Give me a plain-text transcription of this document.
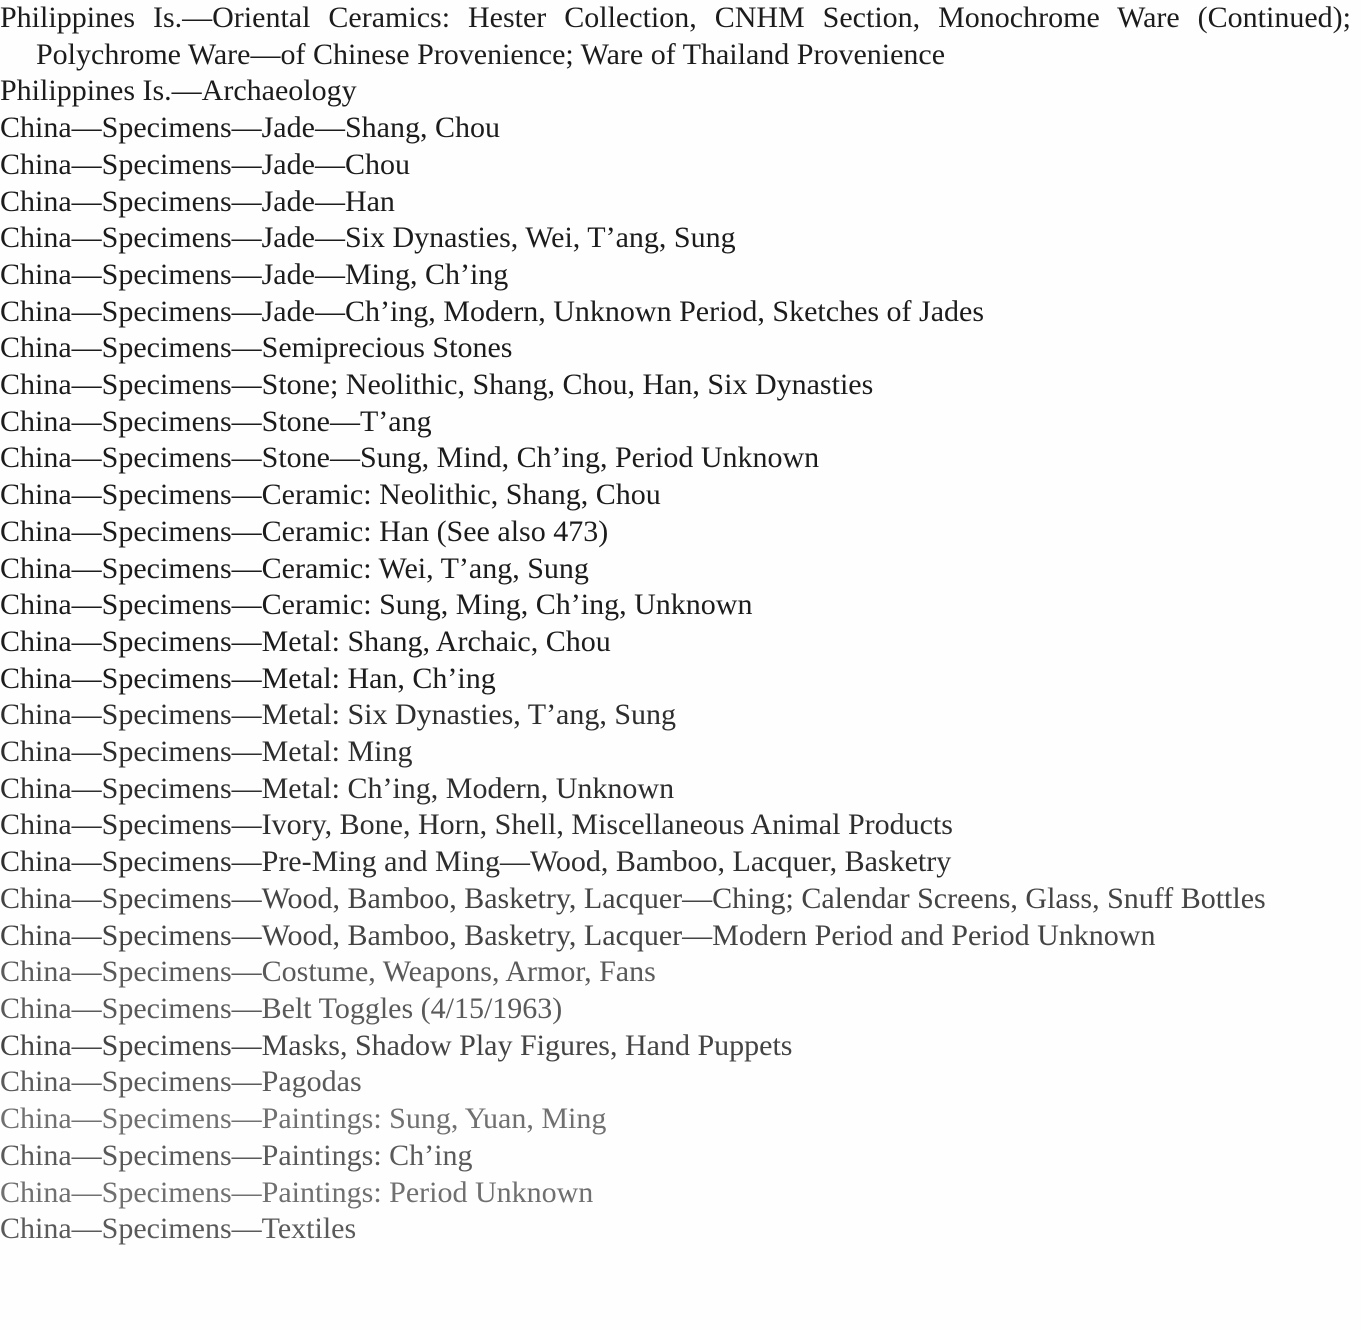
Philippines Is.—Oriental Ceramics: Hester Collection, CNHM Section, Monochrome Ware (Continued); Polychrome Ware—of Chinese Provenience; Ware of Thailand Provenience
Philippines Is.—Archaeology
China—Specimens—Jade—Shang, Chou
China—Specimens—Jade—Chou
China—Specimens—Jade—Han
China—Specimens—Jade—Six Dynasties, Wei, T’ang, Sung
China—Specimens—Jade—Ming, Ch’ing
China—Specimens—Jade—Ch’ing, Modern, Unknown Period, Sketches of Jades
China—Specimens—Semiprecious Stones
China—Specimens—Stone; Neolithic, Shang, Chou, Han, Six Dynasties
China—Specimens—Stone—T’ang
China—Specimens—Stone—Sung, Mind, Ch’ing, Period Unknown
China—Specimens—Ceramic: Neolithic, Shang, Chou
China—Specimens—Ceramic: Han (See also 473)
China—Specimens—Ceramic: Wei, T’ang, Sung
China—Specimens—Ceramic: Sung, Ming, Ch’ing, Unknown
China—Specimens—Metal: Shang, Archaic, Chou
China—Specimens—Metal: Han, Ch’ing
China—Specimens—Metal: Six Dynasties, T’ang, Sung
China—Specimens—Metal: Ming
China—Specimens—Metal: Ch’ing, Modern, Unknown
China—Specimens—Ivory, Bone, Horn, Shell, Miscellaneous Animal Products
China—Specimens—Pre-Ming and Ming—Wood, Bamboo, Lacquer, Basketry
China—Specimens—Wood, Bamboo, Basketry, Lacquer—Ching; Calendar Screens, Glass, Snuff Bottles
China—Specimens—Wood, Bamboo, Basketry, Lacquer—Modern Period and Period Unknown
China—Specimens—Costume, Weapons, Armor, Fans
China—Specimens—Belt Toggles (4/15/1963)
China—Specimens—Masks, Shadow Play Figures, Hand Puppets
China—Specimens—Pagodas
China—Specimens—Paintings: Sung, Yuan, Ming
China—Specimens—Paintings: Ch’ing
China—Specimens—Paintings: Period Unknown
China—Specimens—Textiles
